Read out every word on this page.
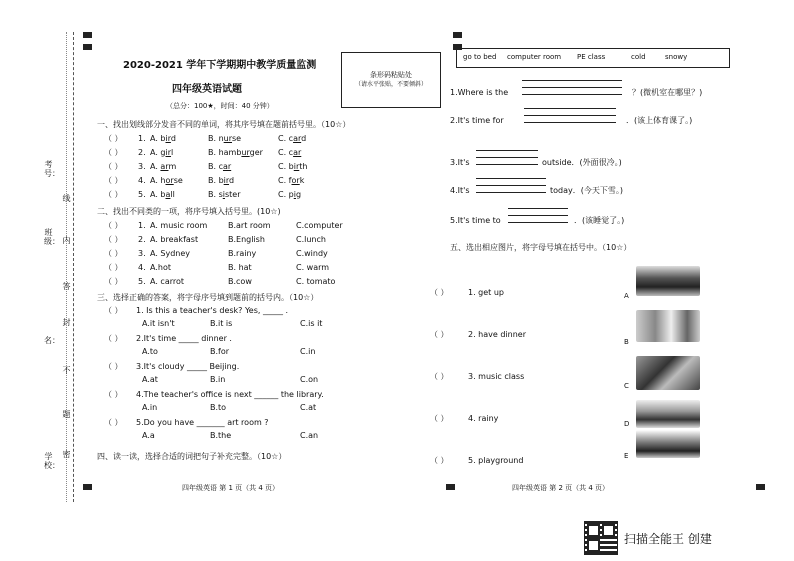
考号：
线
班级： 内
答
名：
不
学校：
封
题
密
2020-2021 学年下学期期中教学质量监测
四年级英语试题
（总分：100★，时间：40 分钟）
条形码粘贴处
（请水平张贴，不要倾斜）
一、找出划线部分发音不同的单词，将其序号填在题前括号里。（10☆）
（ ） 1. A. bird	B. nurse	C. card
（ ） 2. A. girl	B. hamburger C. car
（ ） 3. A. arm	B. car	C. birth
（ ） 4. A. horse	B. bird	C. fork
（ ） 5. A. ball	B. sister	C. pig
二、找出不同类的一项，将序号填入括号里。(10☆)
（ ） 1. A. music room	B.art room	C.computer
（ ） 2. A. breakfast	B.English	C.lunch
（ ） 3. A. Sydney	B.rainy	C.windy
（ ） 4. A.hot	B. hat	C. warm
（ ） 5. A. carrot	B.cow	C. tomato
三、选择正确的答案，将字母序号填到题前的括号内。（10☆）
（ ） 1. Is this a teacher's desk? Yes, _____ .
A.it isn't	B.it is	C.is it
（ ） 2.It's time _____ dinner .
A.to	B.for	C.in
（ ） 3.It's cloudy _____ Beijing.
A.at	B.in	C.on
（ ） 4.The teacher's office is next ______ the library.
A.in	B.to	C.at
（ ） 5.Do you have _______ art room ?
A.a	B.the	C.an
四、读一读，选择合适的词把句子补充完整。（10☆）
四年级英语 第 1 页（共 4 页）	四年级英语 第 2 页（共 4 页）
go to bed computer room PE class	cold	snowy
1.Where is the	？(微机室在哪里？)
2.It's time for	．(该上体育课了。)
3.It's	outside．(外面很冷。)
4.It's	today．(今天下雪。)
5.It's time to	．(该睡觉了。)
五、选出相应图片，将字母号填在括号中。（10☆）
（ ） 1. get up	A
（ ） 2. have dinner
B
（ ） 3. music class
C
（ ） 4. rainy
D
（ ） 5. playground	E
扫描全能王 创建
